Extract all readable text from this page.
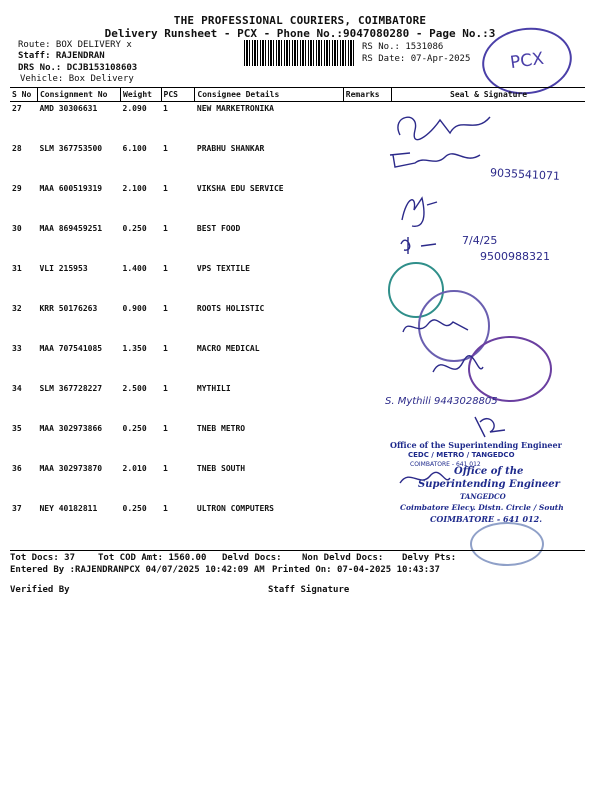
THE PROFESSIONAL COURIERS, COIMBATORE
Delivery Runsheet - PCX - Phone No.:9047080280 - Page No.:3
Route: BOX DELIVERY x
Staff: RAJENDRAN
DRS No.: DCJB153108603
Vehicle: Box Delivery
RS No.: 1531086
RS Date: 07-Apr-2025	PCX
S No	Consignment No	Weight	PCS	Consignee Details	Remarks	Seal & Signature
27	AMD 30306631	2.090	1	NEW MARKETRONIKA		
28	SLM 367753500	6.100	1	PRABHU SHANKAR		
29	MAA 600519319	2.100	1	VIKSHA EDU SERVICE		
30	MAA 869459251	0.250	1	BEST FOOD		
31	VLI 215953	1.400	1	VPS TEXTILE		
32	KRR 50176263	0.900	1	ROOTS HOLISTIC		
33	MAA 707541085	1.350	1	MACRO MEDICAL		
34	SLM 367728227	2.500	1	MYTHILI		
35	MAA 302973866	0.250	1	TNEB METRO		
36	MAA 302973870	2.010	1	TNEB SOUTH		
37	NEY 40182811	0.250	1	ULTRON COMPUTERS		
9035541071
7/4/25
9500988321
S. Mythili 9443028805
Office of the Superintending Engineer
CEDC / METRO / TANGEDCO
COIMBATORE - 641 012
Office of the
Superintending Engineer
TANGEDCO
Coimbatore Elecy. Distn. Circle / South
COIMBATORE - 641 012.
Tot Docs: 37	Tot COD Amt: 1560.00 Delvd Docs: Non Delvd Docs: Delvy Pts:
Entered By :RAJENDRANPCX 04/07/2025 10:42:09 AM Printed On: 07-04-2025 10:43:37
Verified By	Staff Signature
